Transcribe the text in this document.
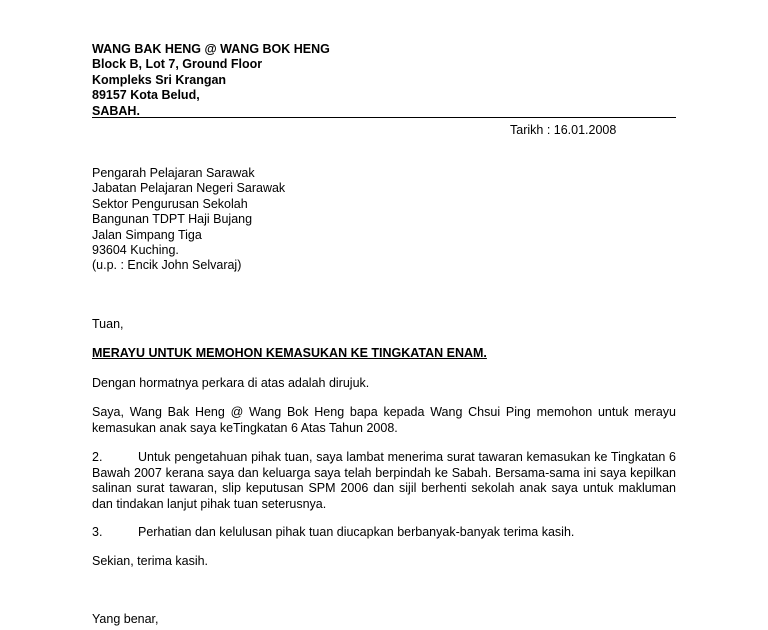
WANG BAK HENG @ WANG BOK HENG
Block B, Lot 7, Ground Floor
Kompleks Sri Krangan
89157 Kota Belud,
SABAH.
Tarikh : 16.01.2008
Pengarah Pelajaran Sarawak
Jabatan Pelajaran Negeri Sarawak
Sektor Pengurusan Sekolah
Bangunan TDPT Haji Bujang
Jalan Simpang Tiga
93604 Kuching.
(u.p. : Encik John Selvaraj)
Tuan,
MERAYU UNTUK MEMOHON KEMASUKAN KE TINGKATAN ENAM.
Dengan hormatnya perkara di atas adalah dirujuk.
Saya, Wang Bak Heng @ Wang Bok Heng bapa kepada Wang Chsui Ping memohon untuk merayu kemasukan anak saya keTingkatan 6 Atas Tahun 2008.
2.	Untuk pengetahuan pihak tuan, saya lambat menerima surat tawaran kemasukan ke Tingkatan 6 Bawah 2007 kerana saya dan keluarga saya telah berpindah ke Sabah. Bersama-sama ini saya kepilkan salinan surat tawaran, slip keputusan SPM 2006 dan sijil berhenti sekolah anak saya untuk makluman dan tindakan lanjut pihak tuan seterusnya.
3.	Perhatian dan kelulusan pihak tuan diucapkan berbanyak-banyak terima kasih.
Sekian, terima kasih.
Yang benar,
